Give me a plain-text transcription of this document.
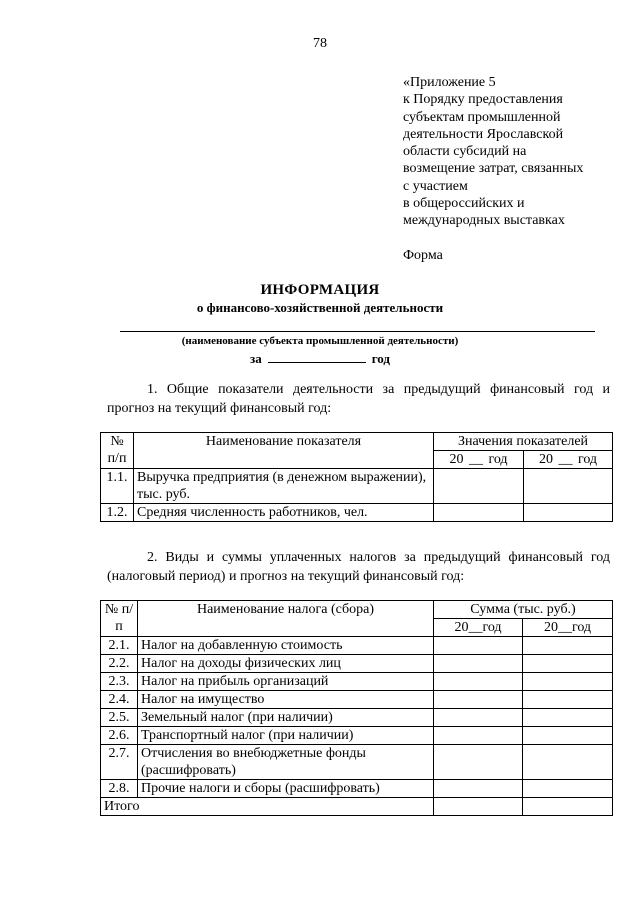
78
«Приложение 5
к Порядку предоставления
субъектам промышленной
деятельности Ярославской
области субсидий на
возмещение затрат, связанных
с участием
в общероссийских и
международных выставках
Форма
ИНФОРМАЦИЯ
о финансово-хозяйственной деятельности
(наименование субъекта промышленной деятельности)
за	год
1. Общие показатели деятельности за предыдущий финансовый год и прогноз на текущий финансовый год:
№ п/п	Наименование показателя	Значения показателей	
		20 __ год	20 __ год
1.1.	Выручка предприятия (в денежном выражении), тыс. руб.		
1.2.	Средняя численность работников, чел.		
2. Виды и суммы уплаченных налогов за предыдущий финансовый год (налоговый период) и прогноз на текущий финансовый год:
№ п/п	Наименование налога (сбора)	Сумма (тыс. руб.)	
		20__год	20__год
2.1.	Налог на добавленную стоимость		
2.2.	Налог на доходы физических лиц		
2.3.	Налог на прибыль организаций		
2.4.	Налог на имущество		
2.5.	Земельный налог (при наличии)		
2.6.	Транспортный налог (при наличии)		
2.7.	Отчисления во внебюджетные фонды (расшифровать)		
2.8.	Прочие налоги и сборы (расшифровать)		
Итого			
